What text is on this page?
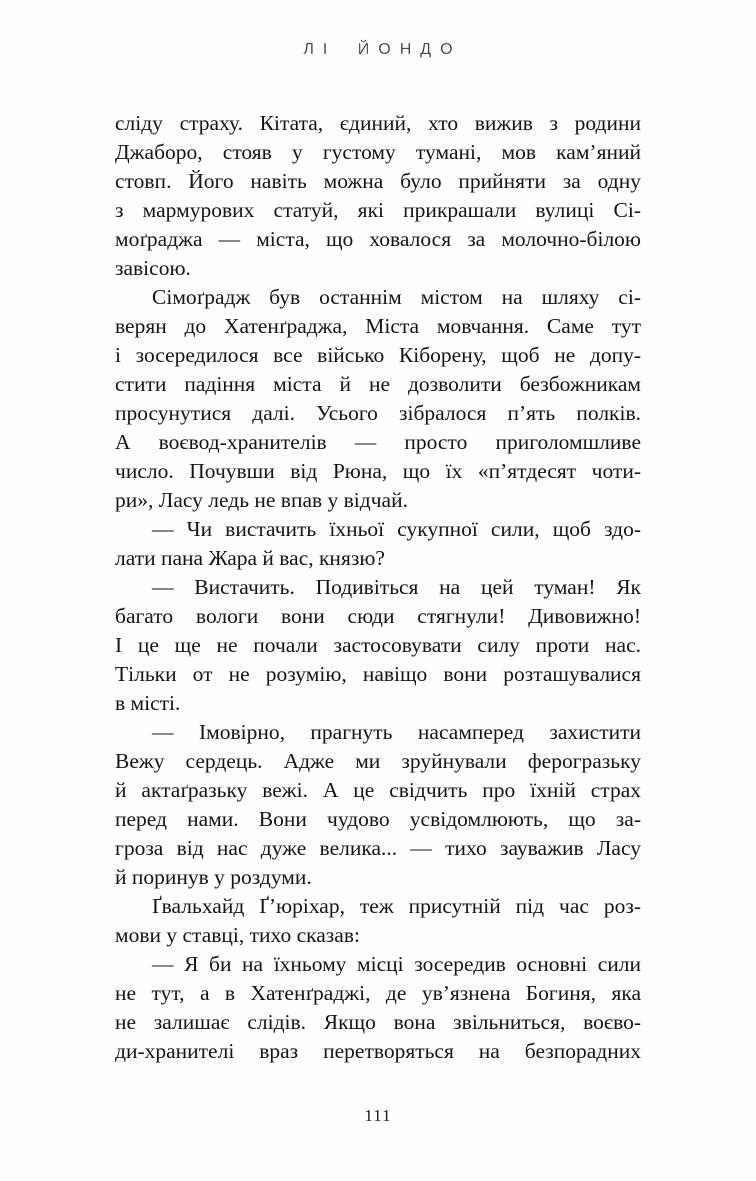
ЛІ ЙОНДО

сліду страху. Кітата, єдиний, хто вижив з родини
Джаборо, стояв у густому тумані, мов кам’яний
стовп. Його навіть можна було прийняти за одну
з мармурових статуй, які прикрашали вулиці Сі-
моґраджа — міста, що ховалося за молочно-білою
завісою.

Сімоґрадж був останнім містом на шляху сі-
верян до Хатенґраджа, Міста мовчання. Саме тут
і зосередилося все військо Кіборену, щоб не допу-
стити падіння міста й не дозволити безбожникам
просунутися далі. Усього зібралося п’ять полків.
А воєвод-хранителів — просто приголомшливе
число. Почувши від Рюна, що їх «п’ятдесят чоти-
ри», Ласу ледь не впав у відчай.

— Чи вистачить їхньої сукупної сили, щоб здо-
лати пана Жара й вас, князю?

— Вистачить. Подивіться на цей туман! Як
багато вологи вони сюди стягнули! Дивовижно!
І це ще не почали застосовувати силу проти нас.
Тільки от не розумію, навіщо вони розташувалися
в місті.

— Імовірно, прагнуть насамперед захистити
Вежу сердець. Адже ми зруйнували ферогразьку
й актаґразьку вежі. А це свідчить про їхній страх
перед нами. Вони чудово усвідомлюють, що за-
гроза від нас дуже велика... — тихо зауважив Ласу
й поринув у роздуми.

Ґвальхайд Ґ’юріхар, теж присутній під час роз-
мови у ставці, тихо сказав:

— Я би на їхньому місці зосередив основні сили
не тут, а в Хатенґраджі, де ув’язнена Богиня, яка
не залишає слідів. Якщо вона звільниться, воєво-
ди-хранителі враз перетворяться на безпорадних

111
